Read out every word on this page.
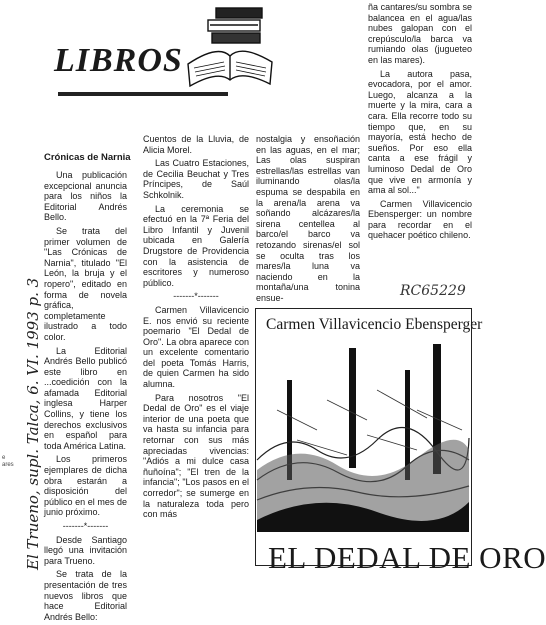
LIBROS
El Trueno, supl. Talca, 6. VI. 1993 p. 3
e
ares
Crónicas de Narnia

Una publicación excepcional anuncia para los niños la Editorial Andrés Bello.

Se trata del primer volumen de "Las Crónicas de Narnia", titulado "El León, la bruja y el ropero", editado en forma de novela gráfica, completamente ilustrado a todo color.

La Editorial Andrés Bello publicó este libro en ...coedición con la afamada Editorial inglesa Harper Collins, y tiene los derechos exclusivos en español para toda América Latina.

Los primeros ejemplares de dicha obra estarán a disposición del público en el mes de junio próximo.

-------*-------

Desde Santiago llegó una invitación para Trueno.

Se trata de la presentación de tres nuevos libros que hace Editorial Andrés Bello:

Cuentos de la Lluvia, de Alicia Morel.

Las Cuatro Estaciones, de Cecilia Beuchat y Tres Príncipes, de Saúl Schkolnik.

La ceremonia se efectuó en la 7ª Feria del Libro Infantil y Juvenil ubicada en Galería Drugstore de Providencia con la asistencia de escritores y numeroso público.

-------*-------

Carmen Villavicencio E. nos envió su reciente poemario "El Dedal de Oro". La obra aparece con un excelente comentario del poeta Tomás Harris, de quien Carmen ha sido alumna.

Para nosotros "El Dedal de Oro" es el viaje interior de una poeta que va hasta su infancia para retornar con sus más apreciadas vivencias: "Adiós a mi dulce casa ñuñoína"; "El tren de la infancia"; "Los pasos en el corredor"; se sumerge en la naturaleza toda pero con más

nostalgia y ensoñación en las aguas, en el mar; Las olas suspiran estrellas/las estrellas van iluminando olas/la espuma se despabila en la arena/la arena va soñando alcázares/la sirena centellea al barco/el barco va retozando sirenas/el sol se oculta tras los mares/la luna va naciendo en la montaña/una tonina ensue-

ña cantares/su sombra se balancea en el agua/las nubes galopan con el crepúsculo/la barca va rumiando olas (jugueteo en las mares).

La autora pasa, evocadora, por el amor. Luego, alcanza a la muerte y la mira, cara a cara. Ella recorre todo su tiempo que, en su mayoría, está hecho de sueños. Por eso ella canta a ese frágil y luminoso Dedal de Oro que vive en armonía y ama al sol..."

Carmen Villavicencio Ebensperger: un nombre para recordar en el quehacer poético chileno.

RC65229
Carmen Villavicencio Ebensperger
EL DEDAL DE ORO
